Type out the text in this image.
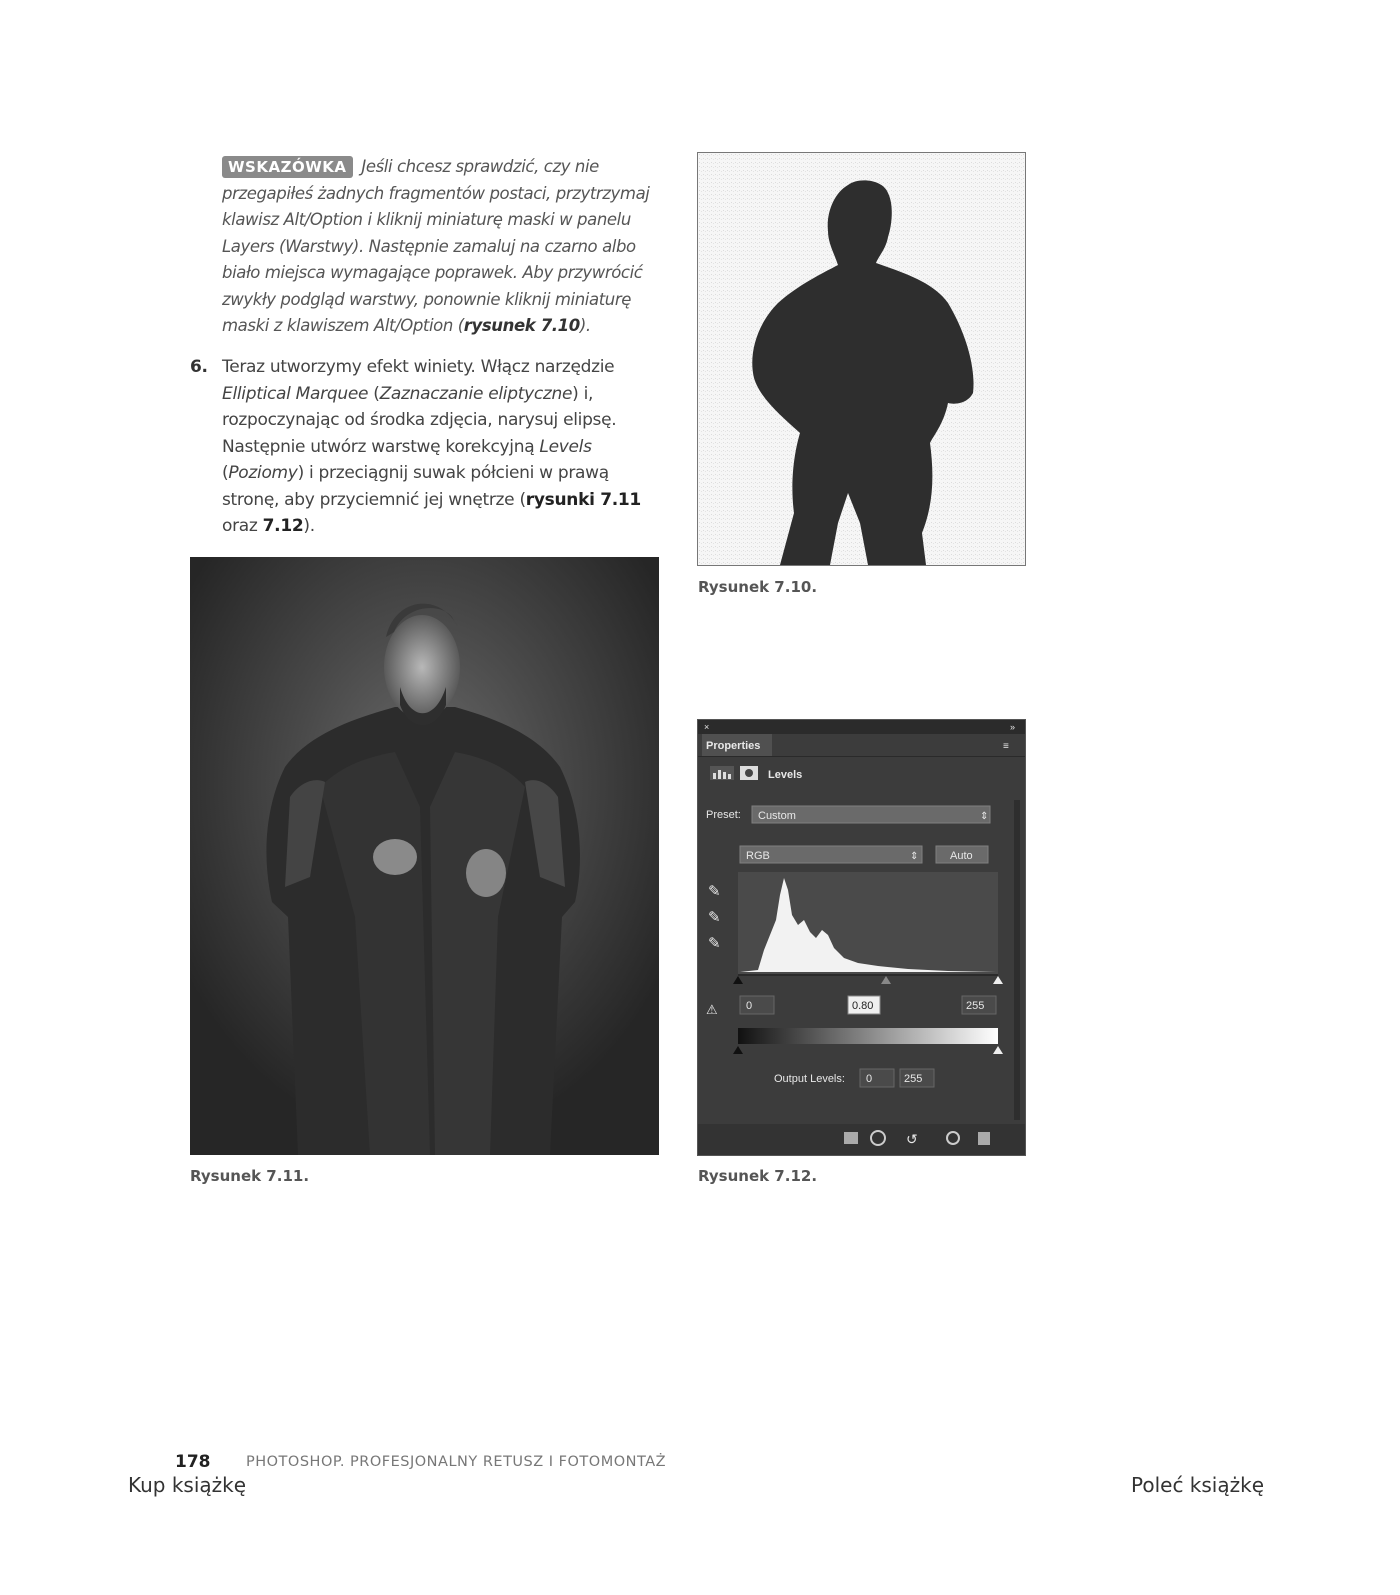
WSKAZÓWKA Jeśli chcesz sprawdzić, czy nie przegapiłeś żadnych fragmentów postaci, przytrzymaj klawisz Alt/Option i kliknij miniaturę maski w panelu Layers (Warstwy). Następnie zamaluj na czarno albo biało miejsca wymagające poprawek. Aby przywrócić zwykły podgląd warstwy, ponownie kliknij miniaturę maski z klawiszem Alt/Option (rysunek 7.10).
6. Teraz utworzymy efekt winiety. Włącz narzędzie Elliptical Marquee (Zaznaczanie eliptyczne) i, rozpoczynając od środka zdjęcia, narysuj elipsę. Następnie utwórz warstwę korekcyjną Levels (Poziomy) i przeciągnij suwak półcieni w prawą stronę, aby przyciemnić jej wnętrze (rysunki 7.11 oraz 7.12).
Rysunek 7.10.
Rysunek 7.11.
×	»
Properties	≡
Levels
Preset: Custom	⇕
RGB	⇕	Auto
✎
✎
✎
⚠	0	0.80	255
Output Levels: 0	255
↺
Rysunek 7.12.
178 PHOTOSHOP. PROFESJONALNY RETUSZ I FOTOMONTAŻ
Kup książkę	Poleć książkę
